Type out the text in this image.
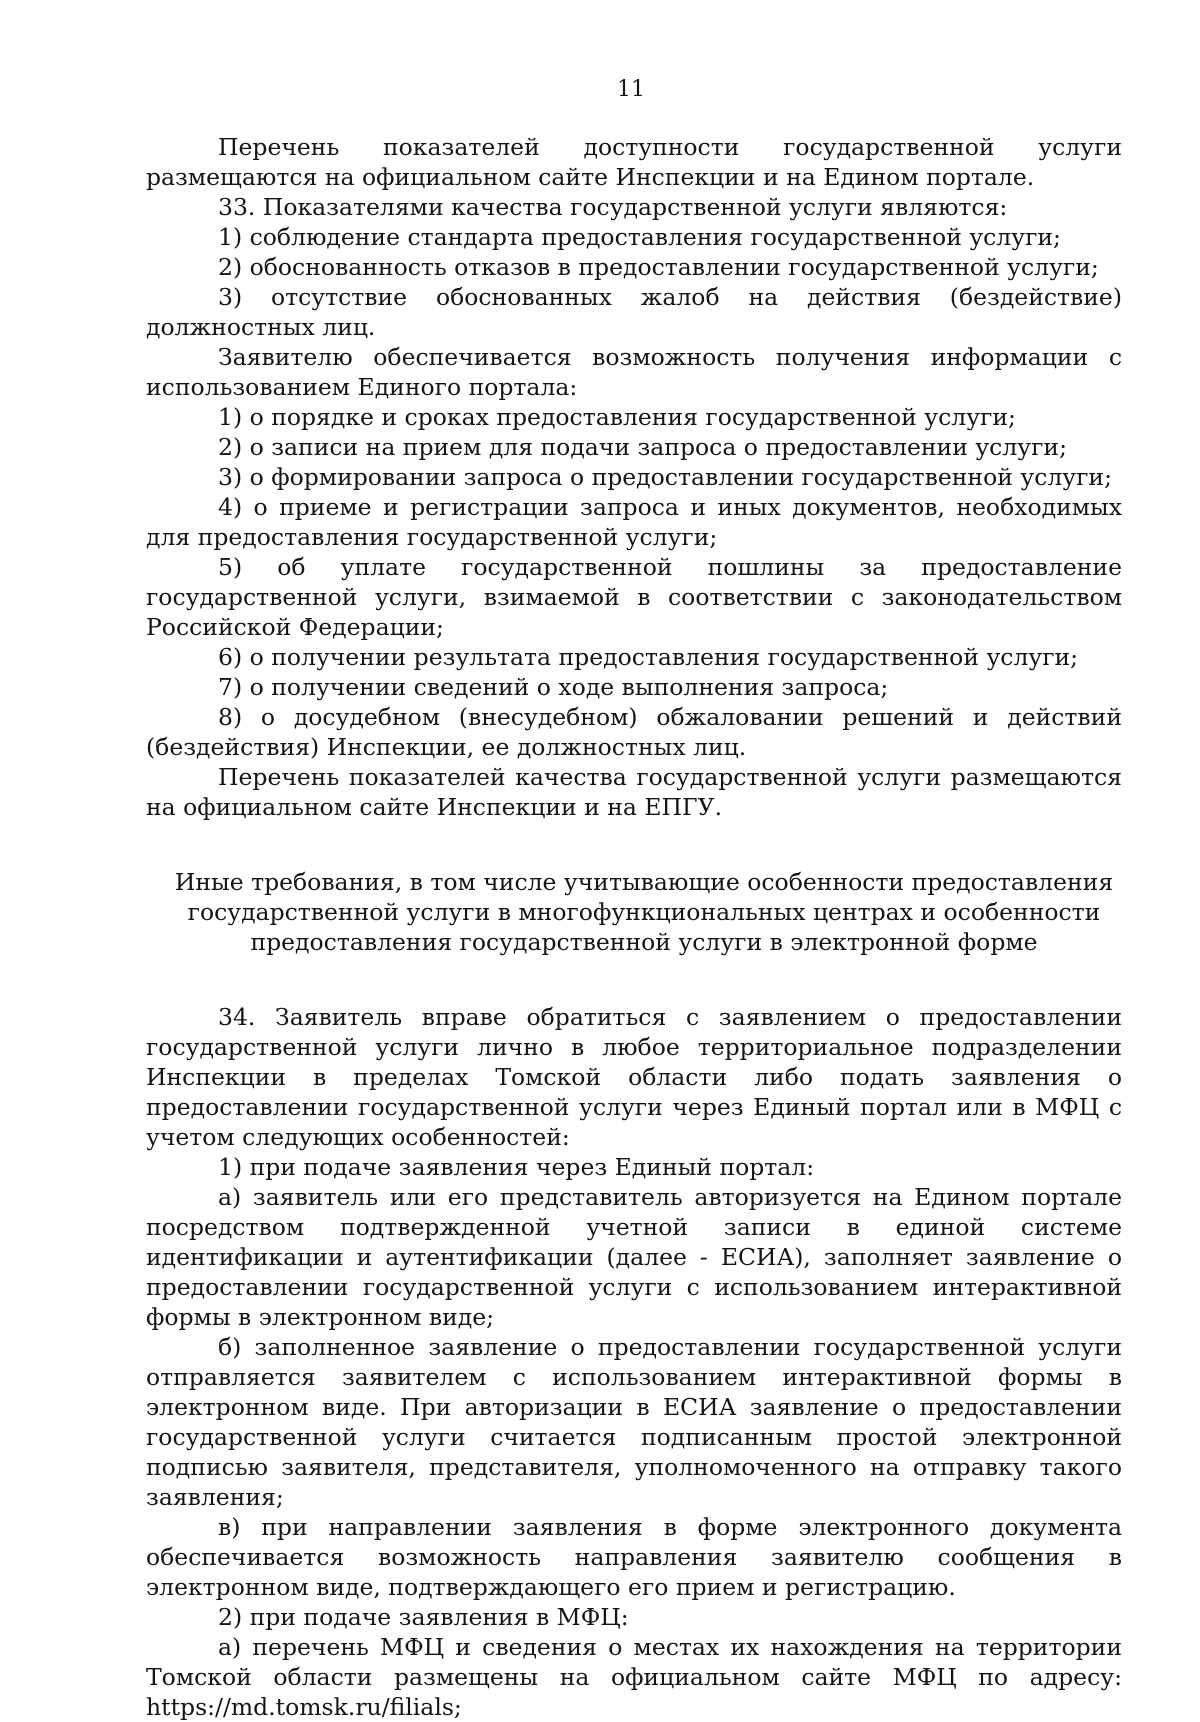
11

Перечень показателей доступности государственной услуги размещаются на официальном сайте Инспекции и на Едином портале.

33. Показателями качества государственной услуги являются:

1) соблюдение стандарта предоставления государственной услуги;

2) обоснованность отказов в предоставлении государственной услуги;

3) отсутствие обоснованных жалоб на действия (бездействие) должностных лиц.

Заявителю обеспечивается возможность получения информации с использованием Единого портала:

1) о порядке и сроках предоставления государственной услуги;

2) о записи на прием для подачи запроса о предоставлении услуги;

3) о формировании запроса о предоставлении государственной услуги;

4) о приеме и регистрации запроса и иных документов, необходимых для предоставления государственной услуги;

5) об уплате государственной пошлины за предоставление государственной услуги, взимаемой в соответствии с законодательством Российской Федерации;

6) о получении результата предоставления государственной услуги;

7) о получении сведений о ходе выполнения запроса;

8) о досудебном (внесудебном) обжаловании решений и действий (бездействия) Инспекции, ее должностных лиц.

Перечень показателей качества государственной услуги размещаются на официальном сайте Инспекции и на ЕПГУ.

Иные требования, в том числе учитывающие особенности предоставления
государственной услуги в многофункциональных центрах и особенности
предоставления государственной услуги в электронной форме

34. Заявитель вправе обратиться с заявлением о предоставлении государственной услуги лично в любое территориальное подразделении Инспекции в пределах Томской области либо подать заявления о предоставлении государственной услуги через Единый портал или в МФЦ с учетом следующих особенностей:

1) при подаче заявления через Единый портал:

а) заявитель или его представитель авторизуется на Едином портале посредством подтвержденной учетной записи в единой системе идентификации и аутентификации (далее - ЕСИА), заполняет заявление о предоставлении государственной услуги с использованием интерактивной формы в электронном виде;

б) заполненное заявление о предоставлении государственной услуги отправляется заявителем с использованием интерактивной формы в электронном виде. При авторизации в ЕСИА заявление о предоставлении государственной услуги считается подписанным простой электронной подписью заявителя, представителя, уполномоченного на отправку такого заявления;

в) при направлении заявления в форме электронного документа обеспечивается возможность направления заявителю сообщения в электронном виде, подтверждающего его прием и регистрацию.

2) при подаче заявления в МФЦ:

а) перечень МФЦ и сведения о местах их нахождения на территории Томской области размещены на официальном сайте МФЦ по адресу: https://md.tomsk.ru/filials;
